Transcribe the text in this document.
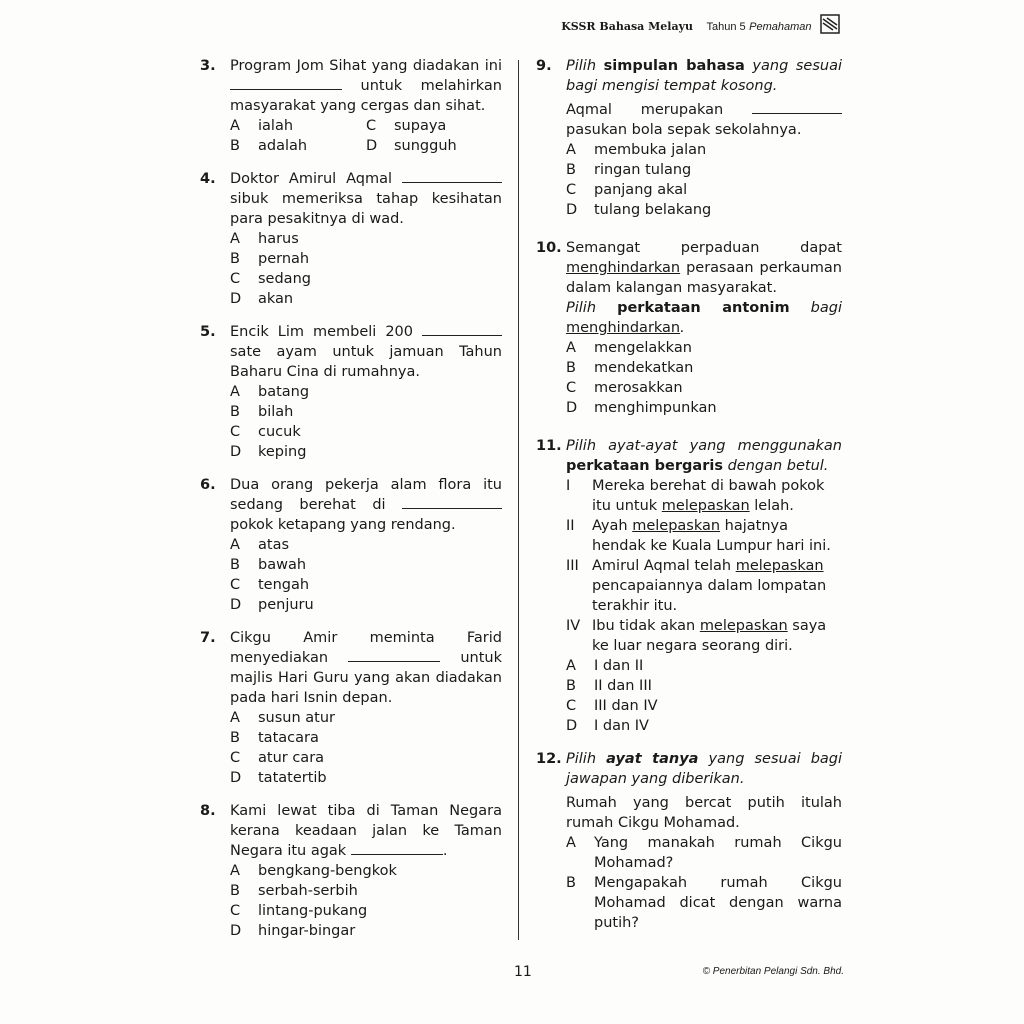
KSSR Bahasa Melayu Tahun 5 Pemahaman
3. Program Jom Sihat yang diadakan ini  untuk melahirkan masyarakat yang cergas dan sihat.
A ialah	C supaya
B adalah	D sungguh
4. Doktor Amirul Aqmal  sibuk memeriksa tahap kesihatan para pesakitnya di wad.
A harus
B pernah
C sedang
D akan
5. Encik Lim membeli 200  sate ayam untuk jamuan Tahun Baharu Cina di rumahnya.
A batang
B bilah
C cucuk
D keping
6. Dua orang pekerja alam flora itu sedang berehat di  pokok ketapang yang rendang.
A atas
B bawah
C tengah
D penjuru
7. Cikgu Amir meminta Farid menyediakan	untuk majlis Hari Guru yang akan diadakan pada hari Isnin depan.
A susun atur
B tatacara
C atur cara
D tatatertib
8. Kami lewat tiba di Taman Negara kerana keadaan jalan ke Taman Negara itu agak	.
A bengkang-bengkok
B serbah-serbih
C lintang-pukang
D hingar-bingar
9. Pilih simpulan bahasa yang sesuai bagi mengisi tempat kosong.
Aqmal merupakan  pasukan bola sepak sekolahnya.
A membuka jalan
B ringan tulang
C panjang akal
D tulang belakang
10. Semangat perpaduan dapat menghindarkan perasaan perkauman dalam kalangan masyarakat.
Pilih perkataan antonim bagi menghindarkan.
A mengelakkan
B mendekatkan
C merosakkan
D menghimpunkan
11. Pilih ayat-ayat yang menggunakan perkataan bergaris dengan betul.
I Mereka berehat di bawah pokok itu untuk melepaskan lelah.
II Ayah melepaskan hajatnya hendak ke Kuala Lumpur hari ini.
III Amirul Aqmal telah melepaskan pencapaiannya dalam lompatan terakhir itu.
IV Ibu tidak akan melepaskan saya ke luar negara seorang diri.
A I dan II
B II dan III
C III dan IV
D I dan IV
12. Pilih ayat tanya yang sesuai bagi jawapan yang diberikan.
Rumah yang bercat putih itulah rumah Cikgu Mohamad.
A Yang manakah rumah Cikgu Mohamad?
B Mengapakah rumah Cikgu Mohamad dicat dengan warna putih?
11	© Penerbitan Pelangi Sdn. Bhd.
